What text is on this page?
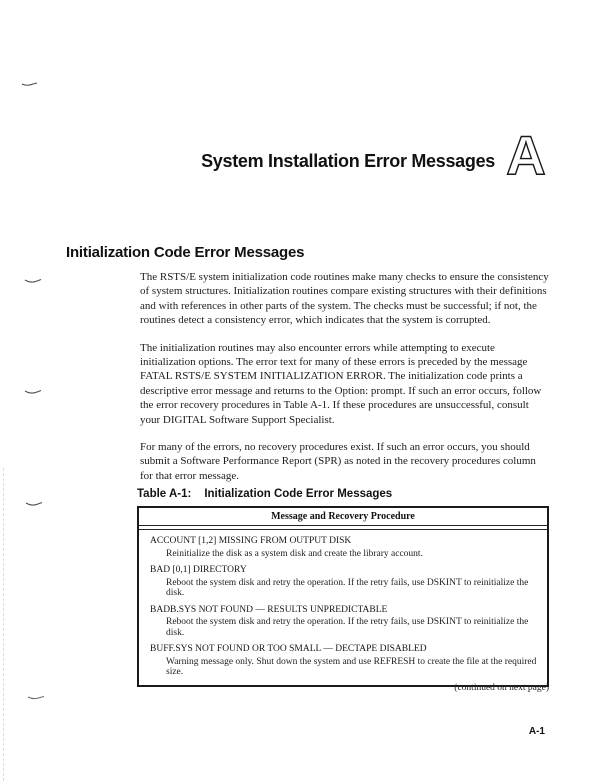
System Installation Error Messages A
Initialization Code Error Messages

The RSTS/E system initialization code routines make many checks to ensure the consistency of system structures. Initialization routines compare existing structures with their definitions and with references in other parts of the system. The checks must be successful; if not, the routines detect a consistency error, which indicates that the system is corrupted.

The initialization routines may also encounter errors while attempting to execute initialization options. The error text for many of these errors is preceded by the message FATAL RSTS/E SYSTEM INITIALIZATION ERROR. The initialization code prints a descriptive error message and returns to the Option: prompt. If such an error occurs, follow the error recovery procedures in Table A-1. If these procedures are unsuccessful, consult your DIGITAL Software Support Specialist.

For many of the errors, no recovery procedures exist. If such an error occurs, you should submit a Software Performance Report (SPR) as noted in the recovery procedures column for that error message.

Table A-1: Initialization Code Error Messages
Message and Recovery Procedure
ACCOUNT [1,2] MISSING FROM OUTPUT DISK
Reinitialize the disk as a system disk and create the library account.
BAD [0,1] DIRECTORY
Reboot the system disk and retry the operation. If the retry fails, use DSKINT to reinitialize the disk.
BADB.SYS NOT FOUND — RESULTS UNPREDICTABLE
Reboot the system disk and retry the operation. If the retry fails, use DSKINT to reinitialize the disk.
BUFF.SYS NOT FOUND OR TOO SMALL — DECTAPE DISABLED
Warning message only. Shut down the system and use REFRESH to create the file at the required size.
(continued on next page)
A-1
